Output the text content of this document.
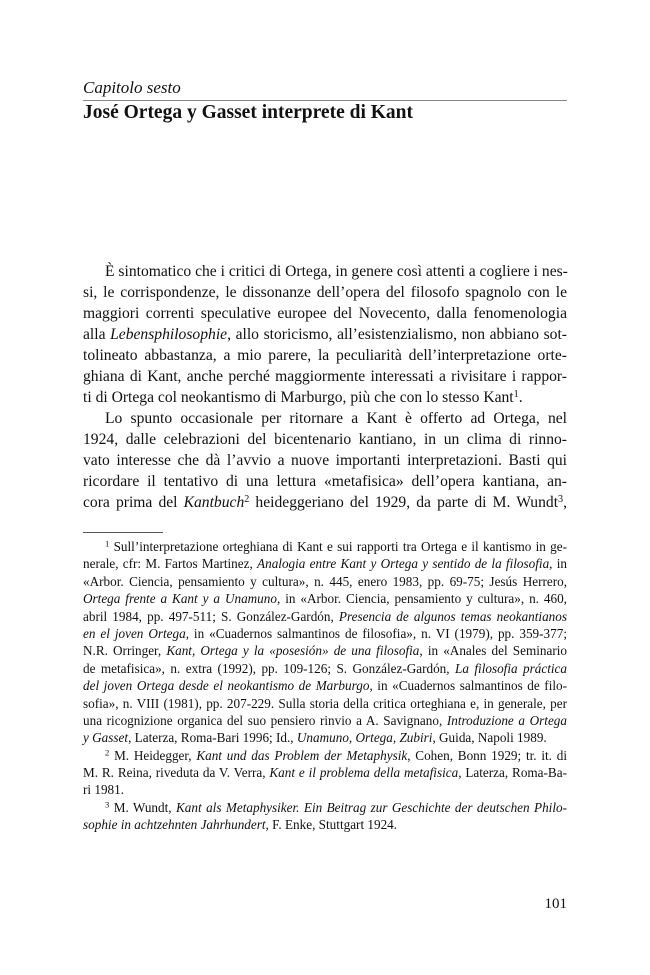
Capitolo sesto
José Ortega y Gasset interprete di Kant
È sintomatico che i critici di Ortega, in genere così attenti a cogliere i nes-
si, le corrispondenze, le dissonanze dell’opera del filosofo spagnolo con le
maggiori correnti speculative europee del Novecento, dalla fenomenologia
alla Lebensphilosophie, allo storicismo, all’esistenzialismo, non abbiano sot-
tolineato abbastanza, a mio parere, la peculiarità dell’interpretazione orte-
ghiana di Kant, anche perché maggiormente interessati a rivisitare i rappor-
ti di Ortega col neokantismo di Marburgo, più che con lo stesso Kant$^1$.
Lo spunto occasionale per ritornare a Kant è offerto ad Ortega, nel
1924, dalle celebrazioni del bicentenario kantiano, in un clima di rinno-
vato interesse che dà l’avvio a nuove importanti interpretazioni. Basti qui
ricordare il tentativo di una lettura «metafisica» dell’opera kantiana, an-
cora prima del Kantbuch$^2$ heideggeriano del 1929, da parte di M. Wundt$^3$,
$^1$ Sull’interpretazione orteghiana di Kant e sui rapporti tra Ortega e il kantismo in ge-
nerale, cfr: M. Fartos Martinez, Analogia entre Kant y Ortega y sentido de la filosofia, in
«Arbor. Ciencia, pensamiento y cultura», n. 445, enero 1983, pp. 69-75; Jesús Herrero,
Ortega frente a Kant y a Unamuno, in «Arbor. Ciencia, pensamiento y cultura», n. 460,
abril 1984, pp. 497-511; S. González-Gardón, Presencia de algunos temas neokantianos
en el joven Ortega, in «Cuadernos salmantinos de filosofia», n. VI (1979), pp. 359-377;
N.R. Orringer, Kant, Ortega y la «posesión» de una filosofia, in «Anales del Seminario
de metafisica», n. extra (1992), pp. 109-126; S. González-Gardón, La filosofia práctica
del joven Ortega desde el neokantismo de Marburgo, in «Cuadernos salmantinos de filo-
sofia», n. VIII (1981), pp. 207-229. Sulla storia della critica orteghiana e, in generale, per
una ricognizione organica del suo pensiero rinvio a A. Savignano, Introduzione a Ortega
y Gasset, Laterza, Roma-Bari 1996; Id., Unamuno, Ortega, Zubiri, Guida, Napoli 1989.
$^2$ M. Heidegger, Kant und das Problem der Metaphysik, Cohen, Bonn 1929; tr. it. di
M. R. Reina, riveduta da V. Verra, Kant e il problema della metafisica, Laterza, Roma-Ba-
ri 1981.
$^3$ M. Wundt, Kant als Metaphysiker. Ein Beitrag zur Geschichte der deutschen Philo-
sophie in achtzehnten Jahrhundert, F. Enke, Stuttgart 1924.
101
